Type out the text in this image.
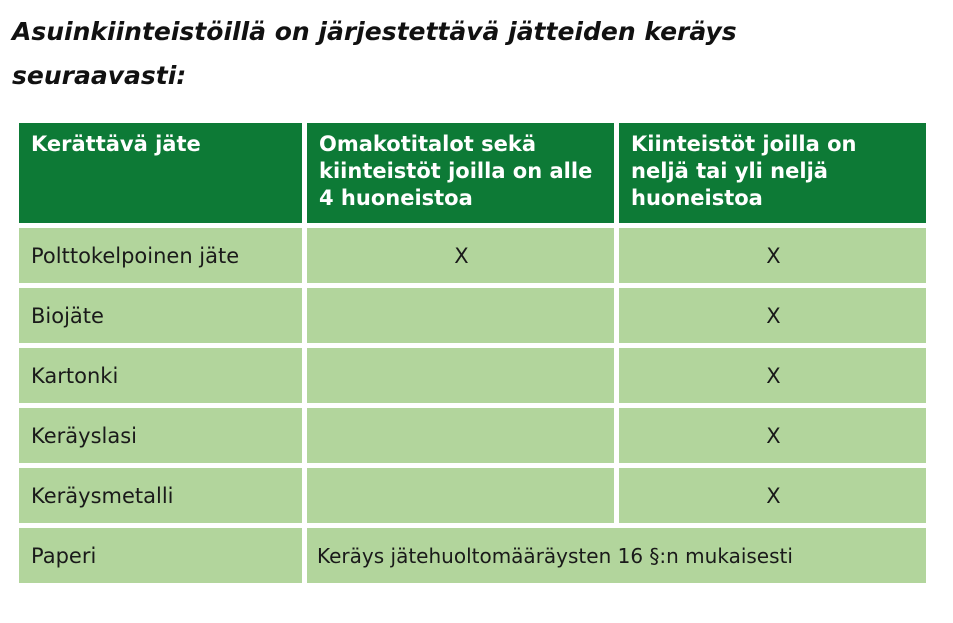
Asuinkiinteistöillä on järjestettävä jätteiden keräys seuraavasti:
Kerättävä jäte	Omakotitalot sekä kiinteistöt joilla on alle 4 huoneistoa	Kiinteistöt joilla on neljä tai yli neljä huoneistoa
Polttokelpoinen jäte	X	X
Biojäte		X
Kartonki		X
Keräyslasi		X
Keräysmetalli		X
Paperi	Keräys jätehuoltomääräysten 16 §:n mukaisesti	
